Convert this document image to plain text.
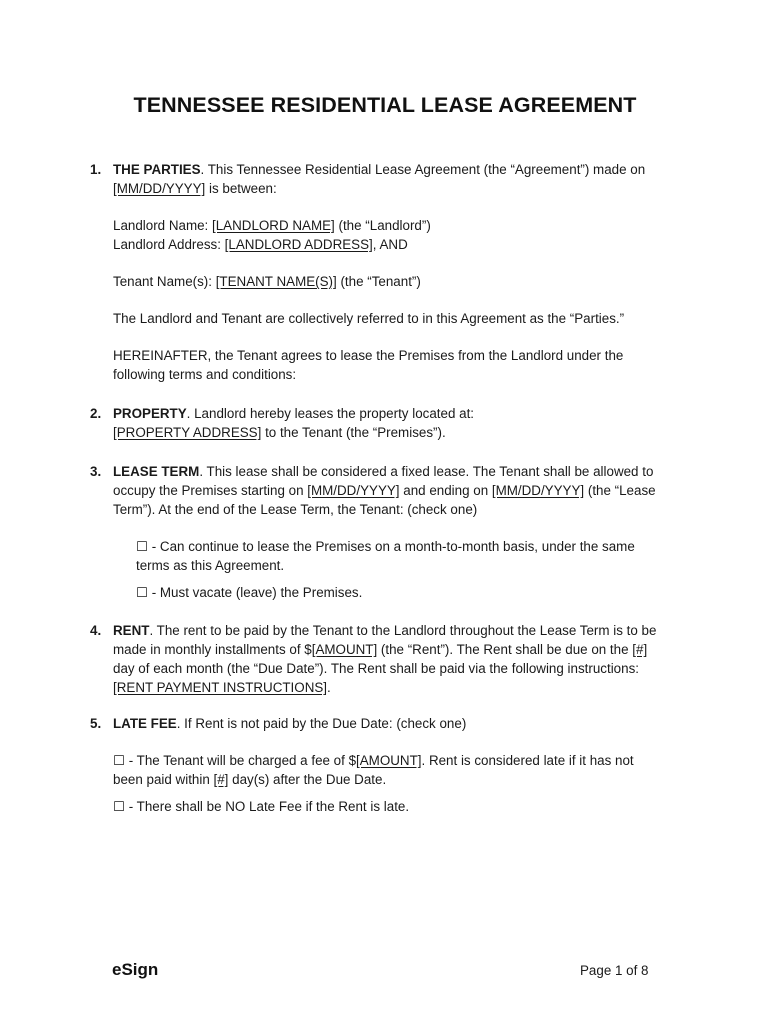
TENNESSEE RESIDENTIAL LEASE AGREEMENT
1. THE PARTIES. This Tennessee Residential Lease Agreement (the “Agreement”) made on

[MM/DD/YYYY] is between:

Landlord Name: [LANDLORD NAME] (the “Landlord”)

Landlord Address: [LANDLORD ADDRESS], AND

Tenant Name(s): [TENANT NAME(S)] (the “Tenant”)

The Landlord and Tenant are collectively referred to in this Agreement as the “Parties.”

HEREINAFTER, the Tenant agrees to lease the Premises from the Landlord under the

following terms and conditions:

2. PROPERTY. Landlord hereby leases the property located at:

[PROPERTY ADDRESS] to the Tenant (the “Premises”).

3. LEASE TERM. This lease shall be considered a fixed lease. The Tenant shall be allowed to

occupy the Premises starting on [MM/DD/YYYY] and ending on [MM/DD/YYYY] (the “Lease

Term”). At the end of the Lease Term, the Tenant: (check one)

☐ - Can continue to lease the Premises on a month-to-month basis, under the same

terms as this Agreement.

☐ - Must vacate (leave) the Premises.

4. RENT. The rent to be paid by the Tenant to the Landlord throughout the Lease Term is to be

made in monthly installments of $[AMOUNT] (the “Rent”). The Rent shall be due on the [#]

day of each month (the “Due Date”). The Rent shall be paid via the following instructions:

[RENT PAYMENT INSTRUCTIONS].

5. LATE FEE. If Rent is not paid by the Due Date: (check one)

☐ - The Tenant will be charged a fee of $[AMOUNT]. Rent is considered late if it has not

been paid within [#] day(s) after the Due Date.

☐ - There shall be NO Late Fee if the Rent is late.

eSign	Page 1 of 8
